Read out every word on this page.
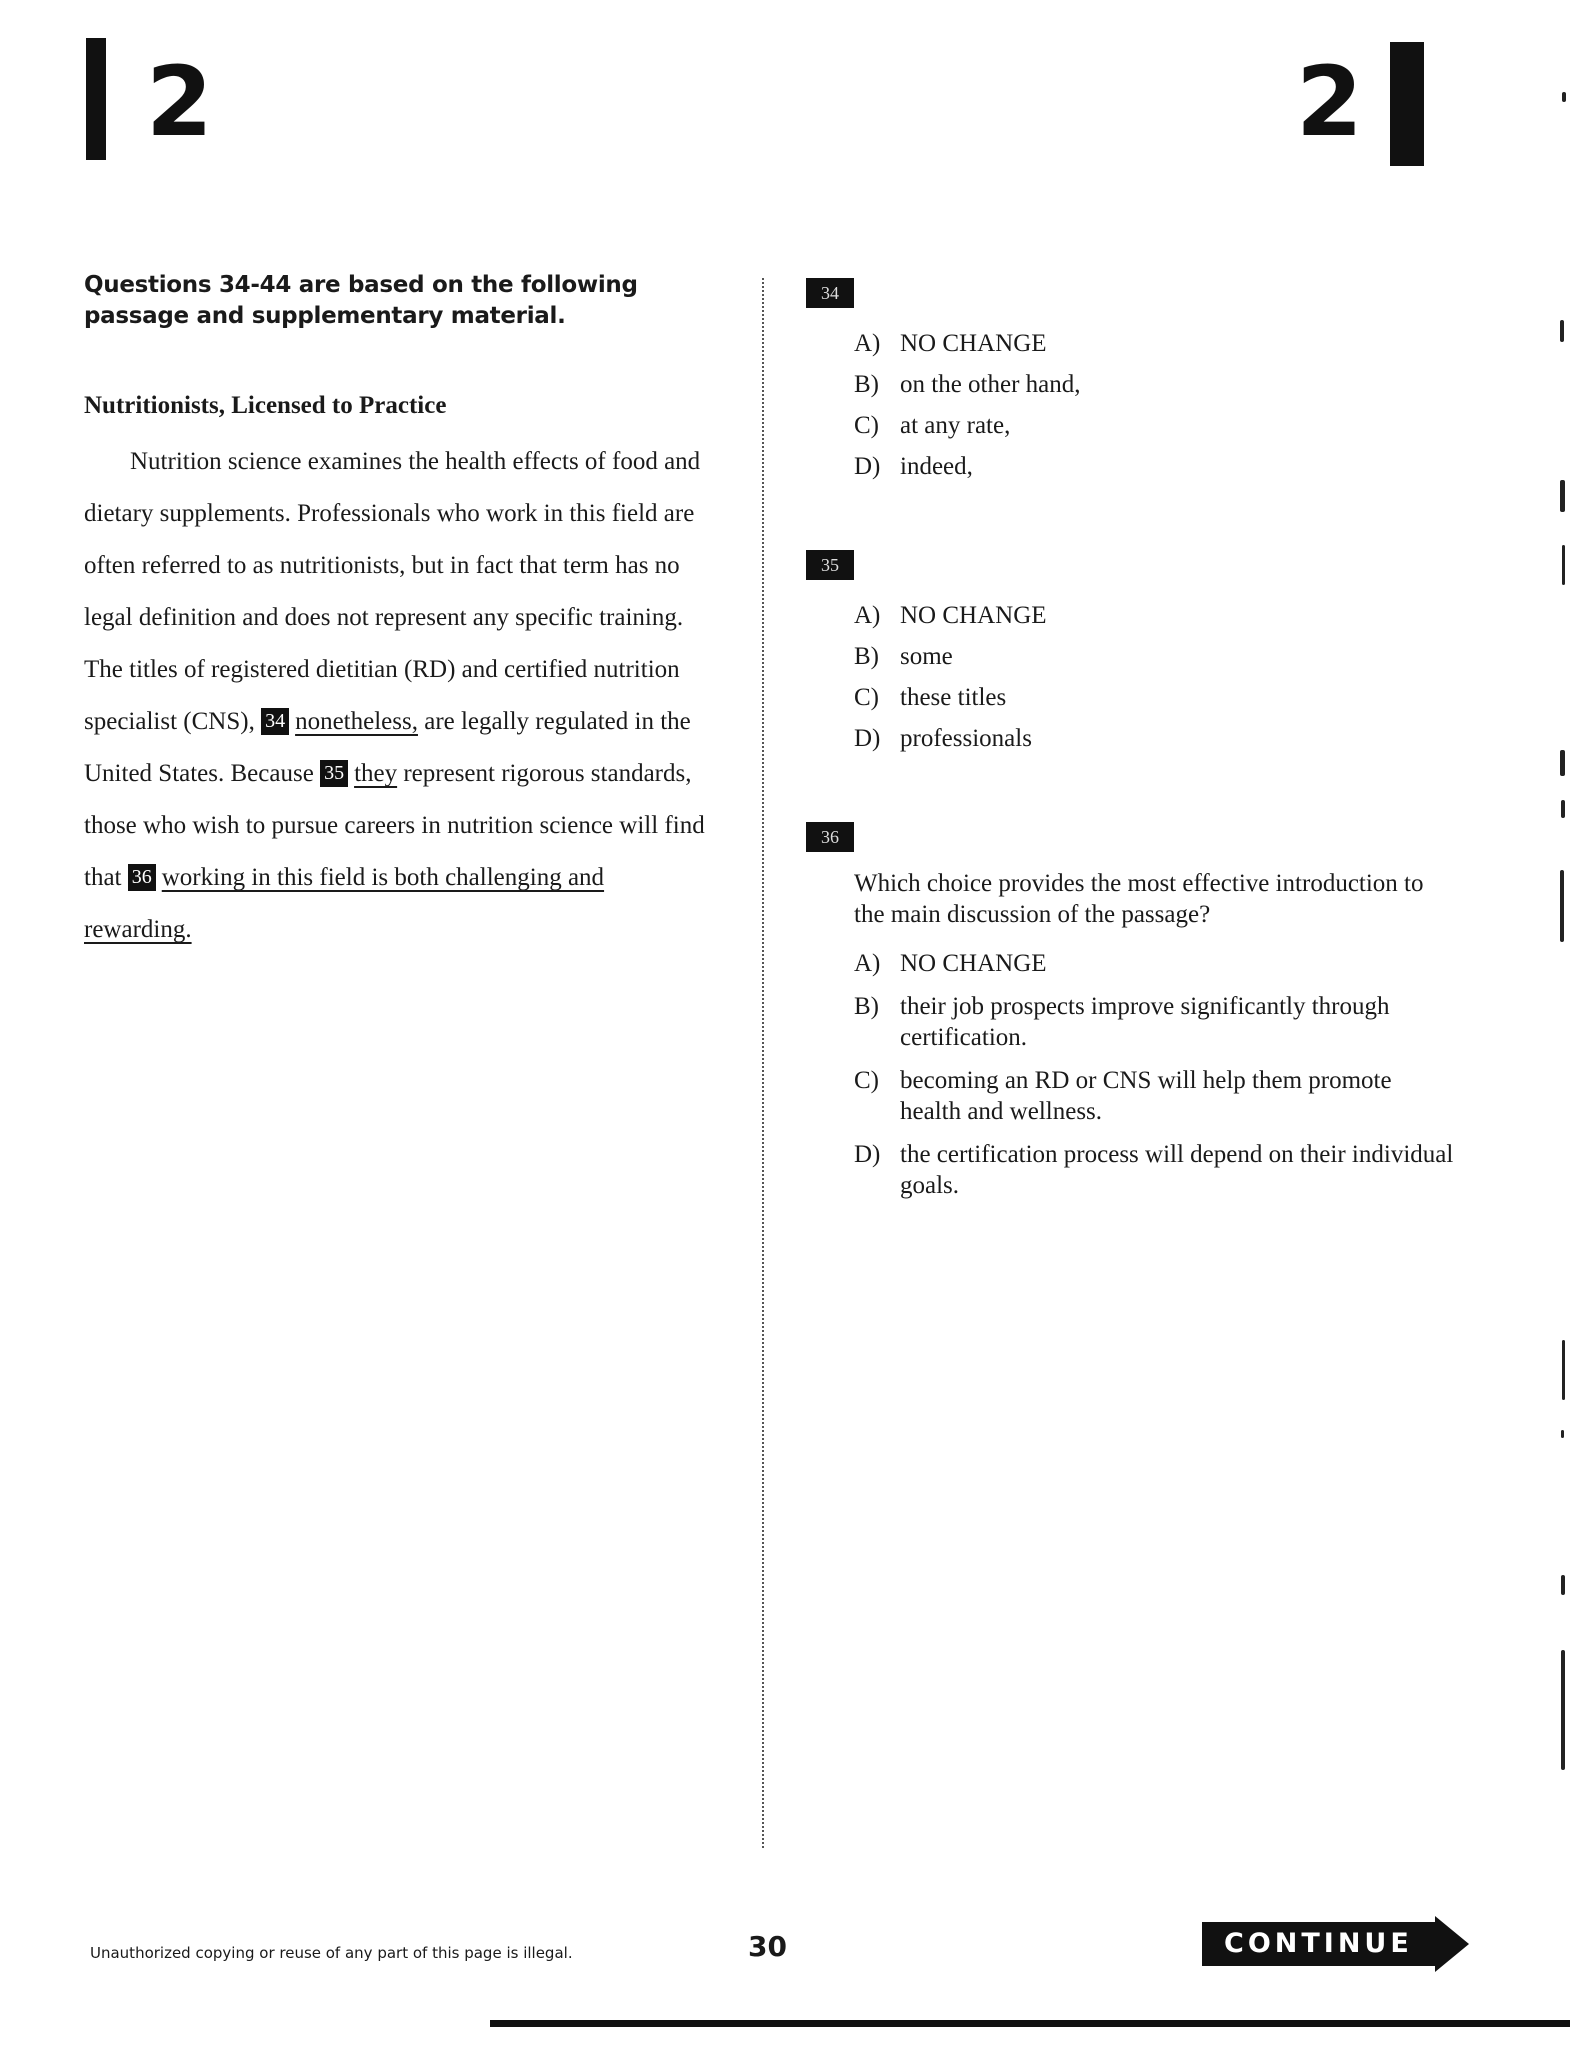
2	2
Questions 34-44 are based on the following passage and supplementary material.
Nutritionists, Licensed to Practice

Nutrition science examines the health effects of food and dietary supplements. Professionals who work in this field are often referred to as nutritionists, but in fact that term has no legal definition and does not represent any specific training. The titles of registered dietitian (RD) and certified nutrition specialist (CNS), 34 nonetheless, are legally regulated in the United States. Because 35 they represent rigorous standards, those who wish to pursue careers in nutrition science will find that 36 working in this field is both challenging and rewarding.

34
A) NO CHANGE
B) on the other hand,
C) at any rate,
D) indeed,
35
A) NO CHANGE
B) some
C) these titles
D) professionals
36
Which choice provides the most effective introduction to the main discussion of the passage?
A) NO CHANGE
B) their job prospects improve significantly through certification.
C) becoming an RD or CNS will help them promote health and wellness.
D) the certification process will depend on their individual goals.
Unauthorized copying or reuse of any part of this page is illegal.	30	CONTINUE
